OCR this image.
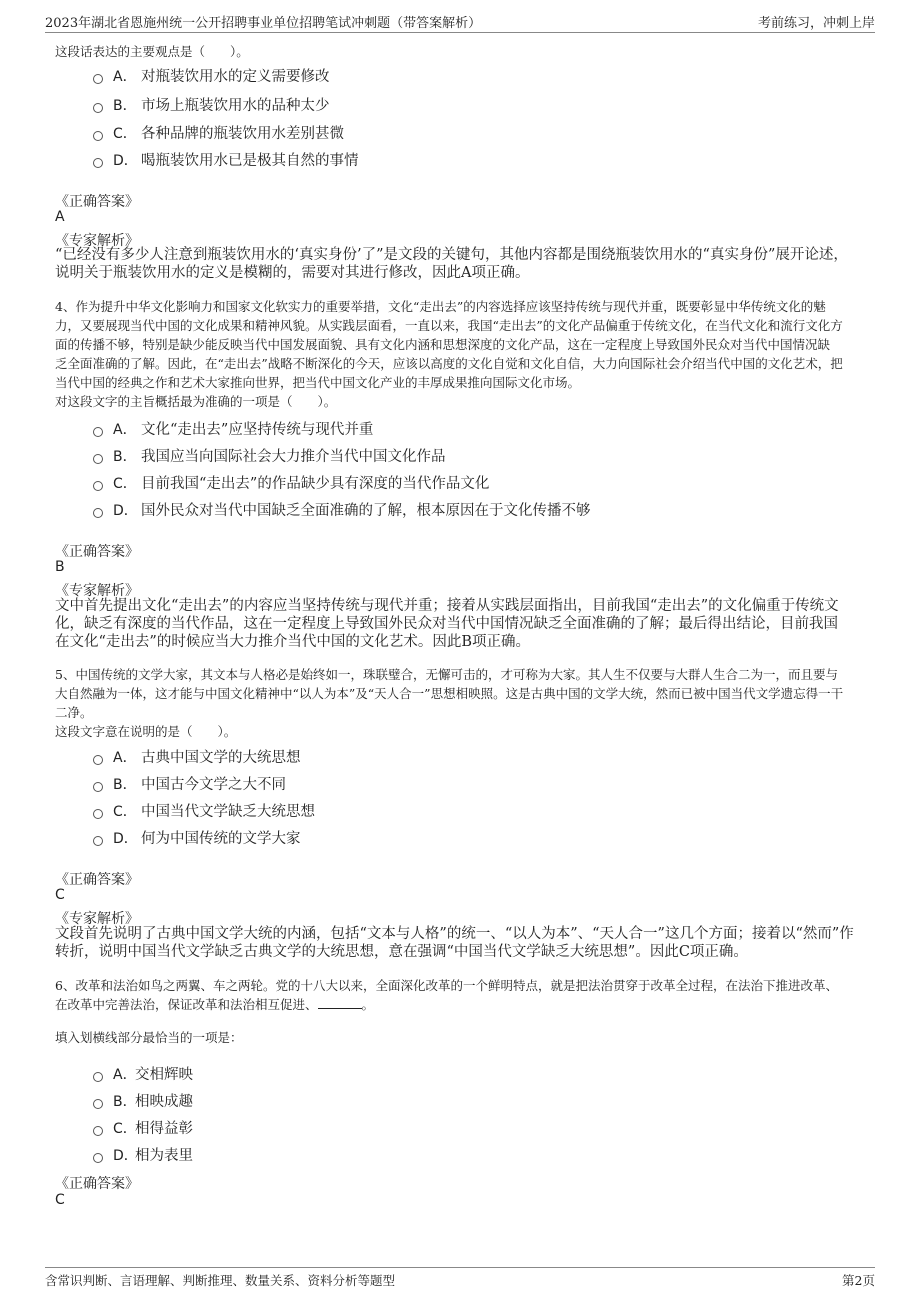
2023年湖北省恩施州统一公开招聘事业单位招聘笔试冲刺题（带答案解析）	考前练习，冲刺上岸
这段话表达的主要观点是（　　）。
A． 对瓶装饮用水的定义需要修改
B． 市场上瓶装饮用水的品种太少
C． 各种品牌的瓶装饮用水差别甚微
D． 喝瓶装饮用水已是极其自然的事情
《正确答案》
A
《专家解析》
“已经没有多少人注意到瓶装饮用水的‘真实身份’了”是文段的关键句，其他内容都是围绕瓶装饮用水的“真实身份”展开论述，
说明关于瓶装饮用水的定义是模糊的，需要对其进行修改，因此A项正确。
4、作为提升中华文化影响力和国家文化软实力的重要举措，文化“走出去”的内容选择应该坚持传统与现代并重，既要彰显中华传统文化的魅
力，又要展现当代中国的文化成果和精神风貌。从实践层面看，一直以来，我国“走出去”的文化产品偏重于传统文化，在当代文化和流行文化方
面的传播不够，特别是缺少能反映当代中国发展面貌、具有文化内涵和思想深度的文化产品，这在一定程度上导致国外民众对当代中国情况缺
乏全面准确的了解。因此，在“走出去”战略不断深化的今天，应该以高度的文化自觉和文化自信，大力向国际社会介绍当代中国的文化艺术，把
当代中国的经典之作和艺术大家推向世界，把当代中国文化产业的丰厚成果推向国际文化市场。
对这段文字的主旨概括最为准确的一项是（　　）。
A． 文化“走出去”应坚持传统与现代并重
B． 我国应当向国际社会大力推介当代中国文化作品
C． 目前我国“走出去”的作品缺少具有深度的当代作品文化
D． 国外民众对当代中国缺乏全面准确的了解，根本原因在于文化传播不够
《正确答案》
B
《专家解析》
文中首先提出文化“走出去”的内容应当坚持传统与现代并重；接着从实践层面指出，目前我国“走出去”的文化偏重于传统文
化，缺乏有深度的当代作品，这在一定程度上导致国外民众对当代中国情况缺乏全面准确的了解；最后得出结论，目前我国
在文化“走出去”的时候应当大力推介当代中国的文化艺术。因此B项正确。
5、中国传统的文学大家，其文本与人格必是始终如一，珠联璧合，无懈可击的，才可称为大家。其人生不仅要与大群人生合二为一，而且要与
大自然融为一体，这才能与中国文化精神中“以人为本”及“天人合一”思想相映照。这是古典中国的文学大统，然而已被中国当代文学遗忘得一干
二净。
这段文字意在说明的是（　　）。
A． 古典中国文学的大统思想
B． 中国古今文学之大不同
C． 中国当代文学缺乏大统思想
D． 何为中国传统的文学大家
《正确答案》
C
《专家解析》
文段首先说明了古典中国文学大统的内涵，包括“文本与人格”的统一、“以人为本”、“天人合一”这几个方面；接着以“然而”作
转折，说明中国当代文学缺乏古典文学的大统思想，意在强调“中国当代文学缺乏大统思想”。因此C项正确。
6、改革和法治如鸟之两翼、车之两轮。党的十八大以来，全面深化改革的一个鲜明特点，就是把法治贯穿于改革全过程，在法治下推进改革、
在改革中完善法治，保证改革和法治相互促进、	。
填入划横线部分最恰当的一项是：
A．
交相辉映
B．
相映成趣
C．
相得益彰
D．
相为表里
《正确答案》
C
含常识判断、言语理解、判断推理、数量关系、资料分析等题型	第2页
